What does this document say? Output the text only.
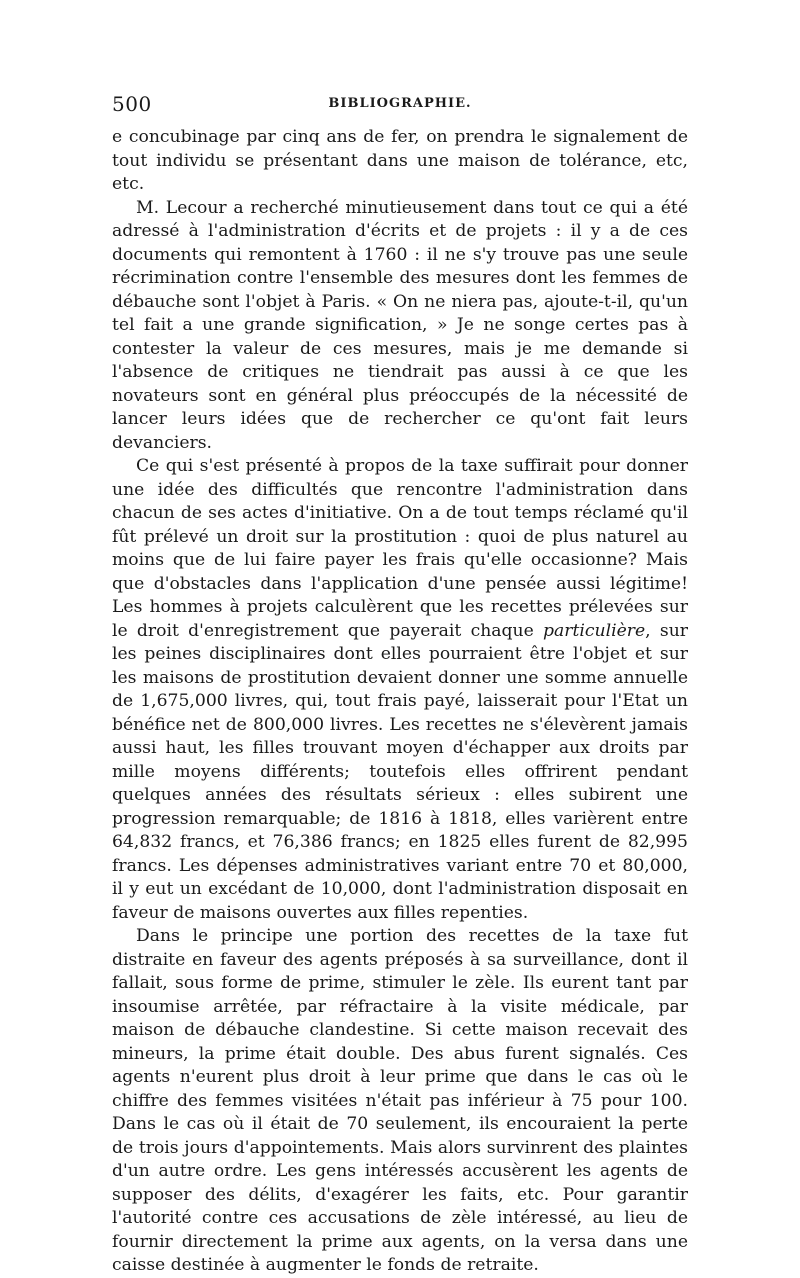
500	BIBLIOGRAPHIE.

e concubinage par cinq ans de fer, on prendra le signalement de tout individu se présentant dans une maison de tolérance, etc, etc.

M. Lecour a recherché minutieusement dans tout ce qui a été adressé à l'administration d'écrits et de projets : il y a de ces documents qui remontent à 1760 : il ne s'y trouve pas une seule récrimination contre l'ensemble des mesures dont les femmes de débauche sont l'objet à Paris. « On ne niera pas, ajoute-t-il, qu'un tel fait a une grande signification, » Je ne songe certes pas à contester la valeur de ces mesures, mais je me demande si l'absence de critiques ne tiendrait pas aussi à ce que les novateurs sont en général plus préoccupés de la nécessité de lancer leurs idées que de rechercher ce qu'ont fait leurs devanciers.

Ce qui s'est présenté à propos de la taxe suffirait pour donner une idée des difficultés que rencontre l'administration dans chacun de ses actes d'initiative. On a de tout temps réclamé qu'il fût prélevé un droit sur la prostitution : quoi de plus naturel au moins que de lui faire payer les frais qu'elle occasionne? Mais que d'obstacles dans l'application d'une pensée aussi légitime! Les hommes à projets calculèrent que les recettes prélevées sur le droit d'enregistrement que payerait chaque particulière, sur les peines disciplinaires dont elles pourraient être l'objet et sur les maisons de prostitution devaient donner une somme annuelle de 1,675,000 livres, qui, tout frais payé, laisserait pour l'Etat un bénéfice net de 800,000 livres. Les recettes ne s'élevèrent jamais aussi haut, les filles trouvant moyen d'échapper aux droits par mille moyens différents; toutefois elles offrirent pendant quelques années des résultats sérieux : elles subirent une progression remarquable; de 1816 à 1818, elles varièrent entre 64,832 francs, et 76,386 francs; en 1825 elles furent de 82,995 francs. Les dépenses administratives variant entre 70 et 80,000, il y eut un excédant de 10,000, dont l'administration disposait en faveur de maisons ouvertes aux filles repenties.

Dans le principe une portion des recettes de la taxe fut distraite en faveur des agents préposés à sa surveillance, dont il fallait, sous forme de prime, stimuler le zèle. Ils eurent tant par insoumise arrêtée, par réfractaire à la visite médicale, par maison de débauche clandestine. Si cette maison recevait des mineurs, la prime était double. Des abus furent signalés. Ces agents n'eurent plus droit à leur prime que dans le cas où le chiffre des femmes visitées n'était pas inférieur à 75 pour 100. Dans le cas où il était de 70 seulement, ils encouraient la perte de trois jours d'appointements. Mais alors survinrent des plaintes d'un autre ordre. Les gens intéressés accusèrent les agents de supposer des délits, d'exagérer les faits, etc. Pour garantir l'autorité contre ces accusations de zèle intéressé, au lieu de fournir directement la prime aux agents, on la versa dans une caisse destinée à augmenter le fonds de retraite.
